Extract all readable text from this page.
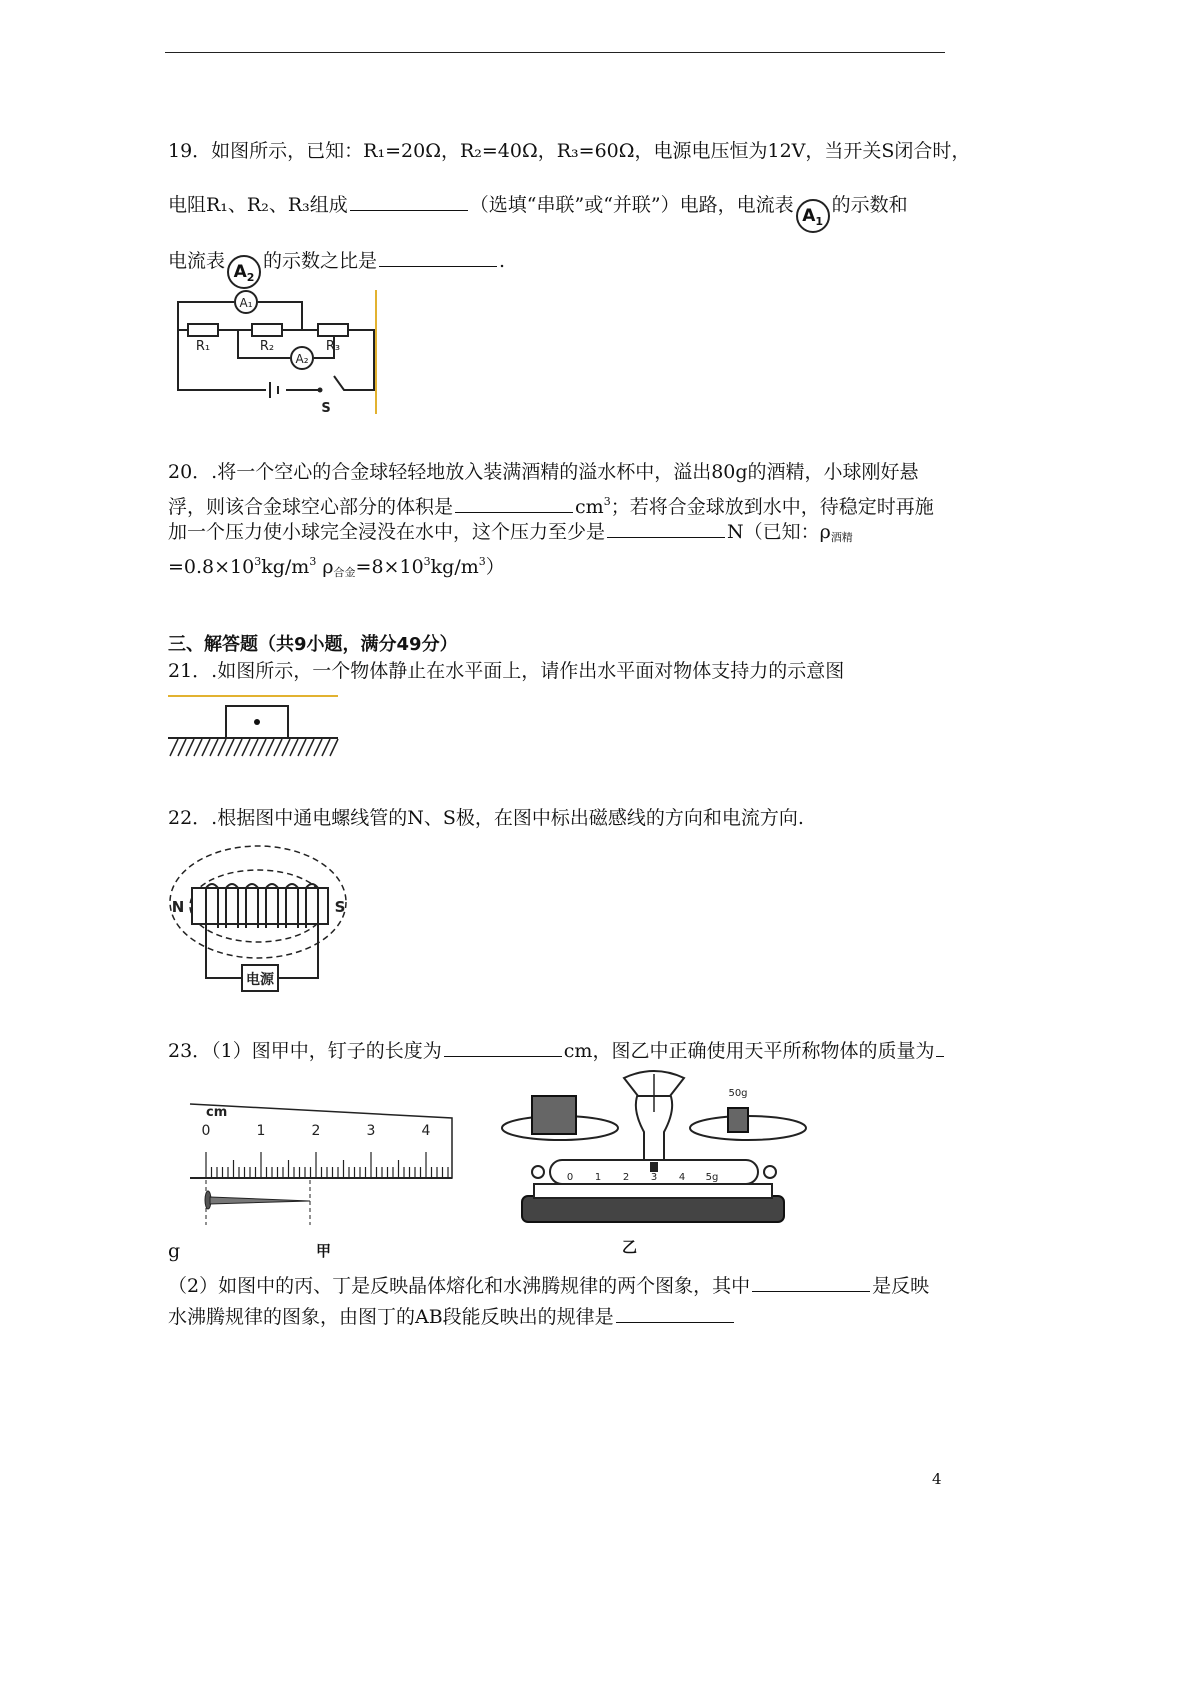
19．如图所示，已知：R₁=20Ω，R₂=40Ω，R₃=60Ω，电源电压恒为12V，当开关S闭合时，
电阻R₁、R₂、R₃组成	（选填“串联”或“并联”）电路，电流表 $A_1$的示数和
电流表 $A_2$的示数之比是	.
A₁
A₂
R₁	R₂	R₃
S
20．.将一个空心的合金球轻轻地放入装满酒精的溢水杯中，溢出80g的酒精，小球刚好悬
浮，则该合金球空心部分的体积是	$cm^3$；若将合金球放到水中，待稳定时再施
加一个压力使小球完全浸没在水中，这个压力至少是	N（已知：$\rho_{酒精}$
$=0.8\times 10^3kg/m^3$ $\rho_{合金}=8\times 10^3kg/m^3$）
三、解答题（共9小题，满分49分）
21．.如图所示，一个物体静止在水平面上，请作出水平面对物体支持力的示意图
22．.根据图中通电螺线管的N、S极，在图中标出磁感线的方向和电流方向.
电源
N	S
23．（1）图甲中，钉子的长度为	cm，图乙中正确使用天平所称物体的质量为
cm
0	1	2	3	4
甲
50g
0 1 2 3 4 5g
乙
g
（2）如图中的丙、丁是反映晶体熔化和水沸腾规律的两个图象，其中	是反映
水沸腾规律的图象，由图丁的AB段能反映出的规律是
4
